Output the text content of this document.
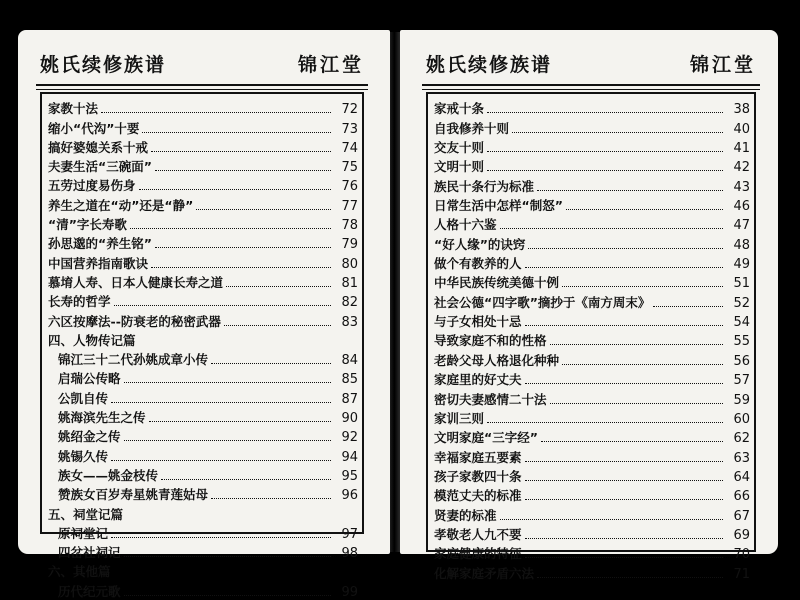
姚氏续修族谱	锦江堂
家教十法	72
缩小“代沟”十要	73
搞好婆媳关系十戒	74
夫妻生活“三碗面”	75
五劳过度易伤身	76
养生之道在“动”还是“静”	77
“清”字长寿歌	78
孙思邈的“养生铭”	79
中国营养指南歌诀	80
慕堉人寿、日本人健康长寿之道	81
长寿的哲学	82
六区按摩法--防衰老的秘密武器	83
四、人物传记篇
锦江三十二代孙姚成章小传	84
启瑞公传略	85
公凯自传	87
姚海滨先生之传	90
姚绍金之传	92
姚锡久传	94
族女——姚金枝传	95
赞族女百岁寿星姚青莲姑母	96
五、祠堂记篇
原祠堂记	97
四岔社祠记	98
六、其他篇
历代纪元歌	99
姚氏续修族谱	锦江堂
家戒十条	38
自我修养十则	40
交友十则	41
文明十则	42
族民十条行为标准	43
日常生活中怎样“制怒”	46
人格十六鉴	47
“好人缘”的诀窍	48
做个有教养的人	49
中华民族传统美德十例	51
社会公德“四字歌”摘抄于《南方周末》	52
与子女相处十忌	54
导致家庭不和的性格	55
老龄父母人格退化种种	56
家庭里的好丈夫	57
密切夫妻感情二十法	59
家训三则	60
文明家庭“三字经”	62
幸福家庭五要素	63
孩子家教四十条	64
模范丈夫的标准	66
贤妻的标准	67
孝敬老人九不要	69
家庭健康的特征	70
化解家庭矛盾六法	71
